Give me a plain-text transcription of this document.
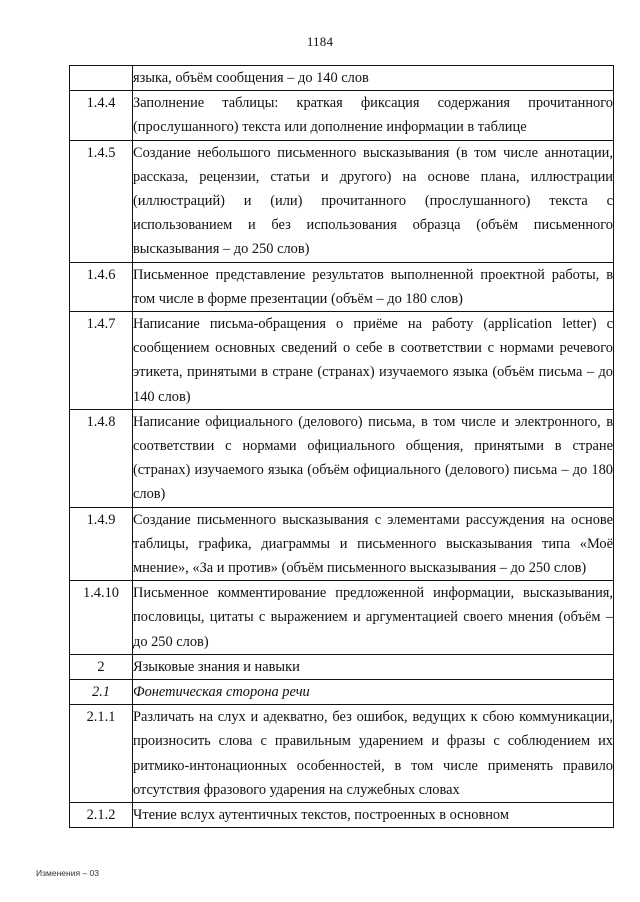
1184
	языка, объём сообщения – до 140 слов
1.4.4	Заполнение таблицы: краткая фиксация содержания прочитанного (прослушанного) текста или дополнение информации в таблице
1.4.5	Создание небольшого письменного высказывания (в том числе аннотации, рассказа, рецензии, статьи и другого) на основе плана, иллюстрации (иллюстраций) и (или) прочитанного (прослушанного) текста с использованием и без использования образца (объём письменного высказывания – до 250 слов)
1.4.6	Письменное представление результатов выполненной проектной работы, в том числе в форме презентации (объём – до 180 слов)
1.4.7	Написание письма-обращения о приёме на работу (application letter) с сообщением основных сведений о себе в соответствии с нормами речевого этикета, принятыми в стране (странах) изучаемого языка (объём письма – до 140 слов)
1.4.8	Написание официального (делового) письма, в том числе и электронного, в соответствии с нормами официального общения, принятыми в стране (странах) изучаемого языка (объём официального (делового) письма – до 180 слов)
1.4.9	Создание письменного высказывания с элементами рассуждения на основе таблицы, графика, диаграммы и письменного высказывания типа «Моё мнение», «За и против» (объём письменного высказывания – до 250 слов)
1.4.10	Письменное комментирование предложенной информации, высказывания, пословицы, цитаты с выражением и аргументацией своего мнения (объём – до 250 слов)
2	Языковые знания и навыки
2.1	Фонетическая сторона речи
2.1.1	Различать на слух и адекватно, без ошибок, ведущих к сбою коммуникации, произносить слова с правильным ударением и фразы с соблюдением их ритмико-интонационных особенностей, в том числе применять правило отсутствия фразового ударения на служебных словах
2.1.2	Чтение вслух аутентичных текстов, построенных в основном
Изменения – 03
